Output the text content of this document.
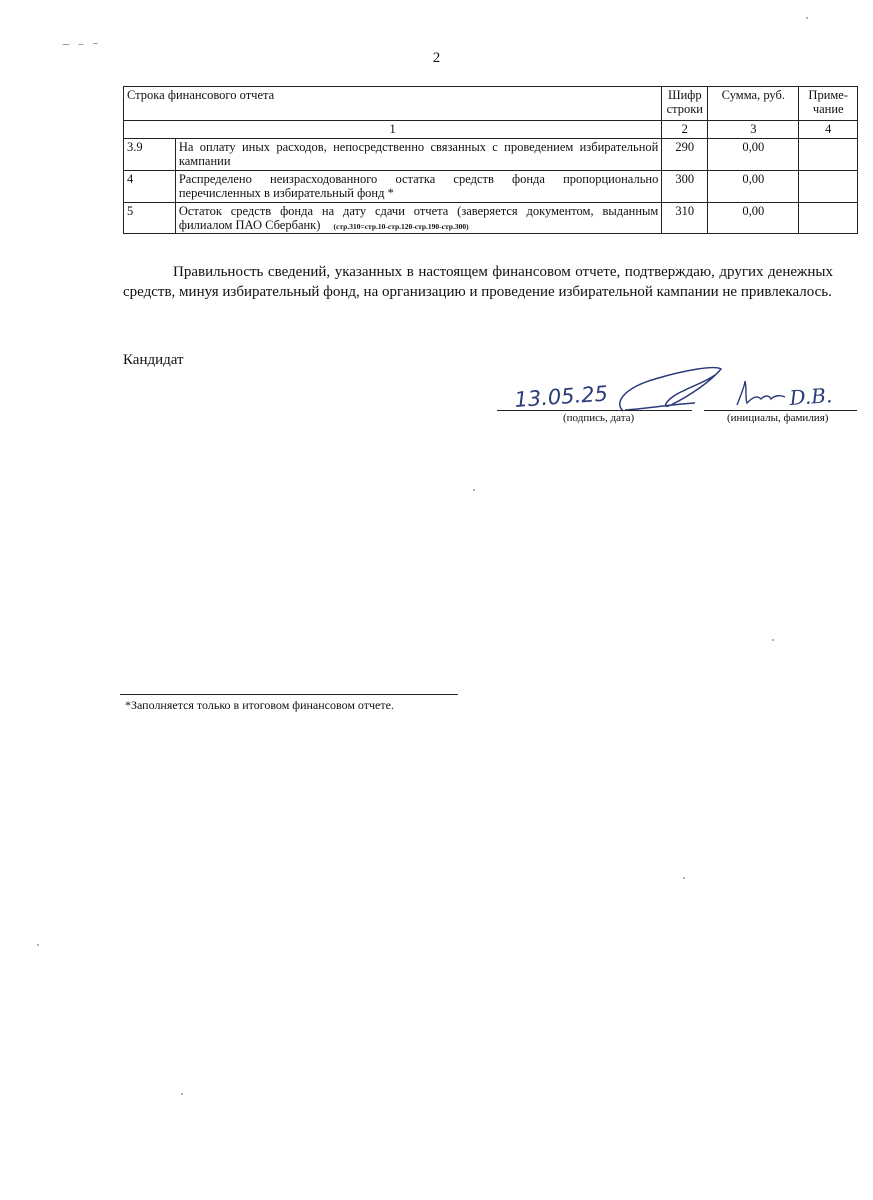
2
Строка финансового отчета		Шифр строки	Сумма, руб.	Приме-чание
1		2	3	4
3.9	На оплату иных расходов, непосредственно связанных с проведением избирательной кампании	290	0,00	
4	Распределено неизрасходованного остатка средств фонда пропорционально перечисленных в избирательный фонд *	300	0,00	
5	Остаток средств фонда на дату сдачи отчета (заверяется документом, выданным филиалом ПАО Сбербанк) (стр.310=стр.10-стр.120-стр.190-стр.300)	310	0,00	
Правильность сведений, указанных в настоящем финансовом отчете, подтверждаю, других денежных средств, минуя избирательный фонд, на организацию и проведение избирательной кампании не привлекалось.
Кандидат
13.05.25	D.B.
(подпись, дата)	(инициалы, фамилия)
*Заполняется только в итоговом финансовом отчете.
